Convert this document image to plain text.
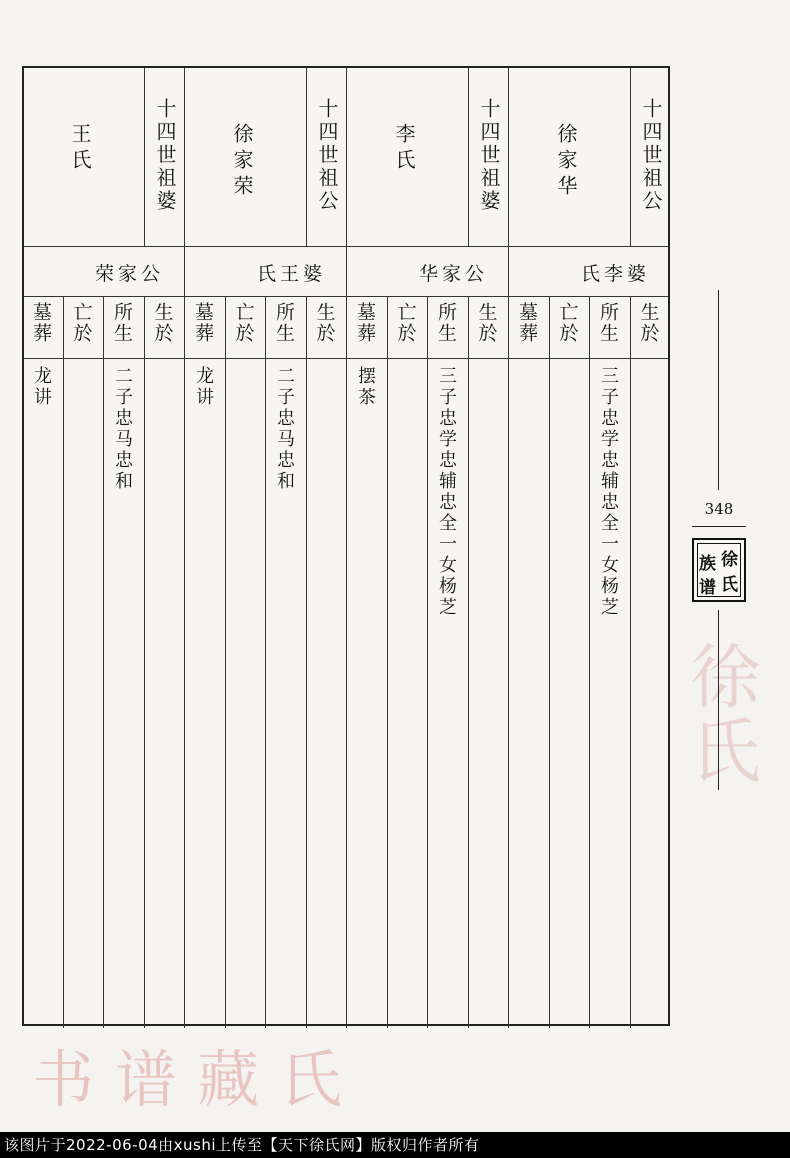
书 谱 藏 氏
徐氏
十四世祖公
徐家华
氏李婆
生於
所生
三子忠学忠辅忠全一女杨芝
亡於
墓葬
十四世祖婆
李氏
华家公
生於
所生
三子忠学忠辅忠全一女杨芝
亡於
墓葬
摆茶
十四世祖公
徐家荣
氏王婆
生於
所生
二子忠马忠和
亡於
墓葬
龙讲
十四世祖婆
王氏
荣家公
生於
所生
二子忠马忠和
亡於
墓葬
龙讲
348
徐
氏
族
谱
该图片于2022-06-04由xushi上传至【天下徐氏网】版权归作者所有
